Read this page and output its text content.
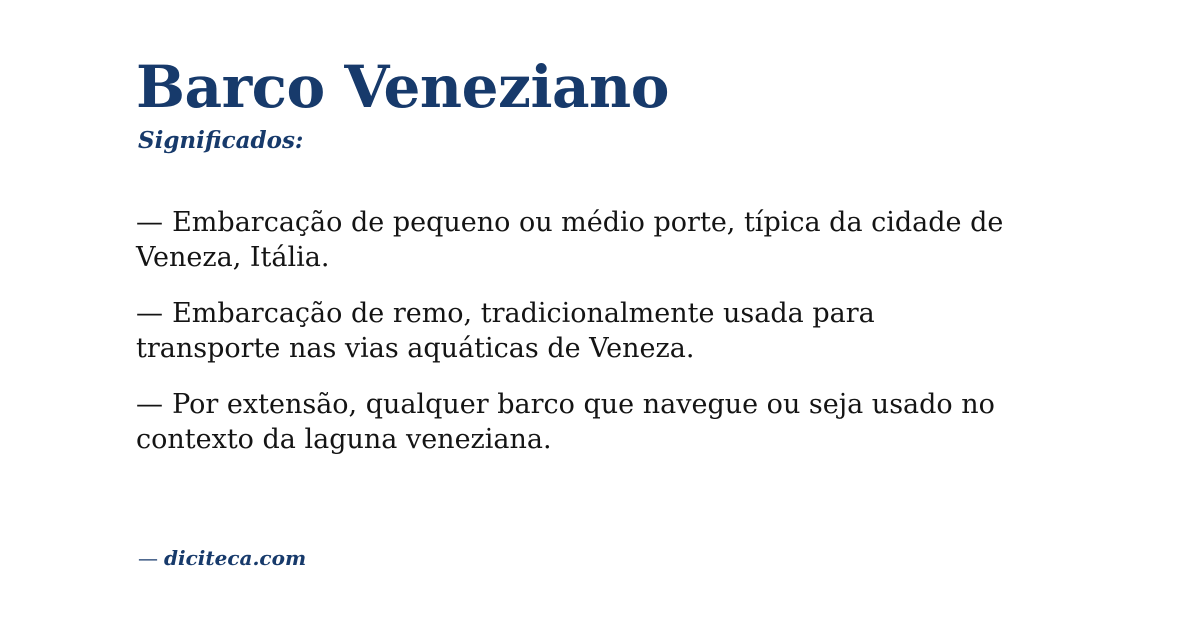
Barco Veneziano
Significados:

— Embarcação de pequeno ou médio porte, típica da cidade de Veneza, Itália.

— Embarcação de remo, tradicionalmente usada para transporte nas vias aquáticas de Veneza.

— Por extensão, qualquer barco que navegue ou seja usado no contexto da laguna veneziana.

— diciteca.com
